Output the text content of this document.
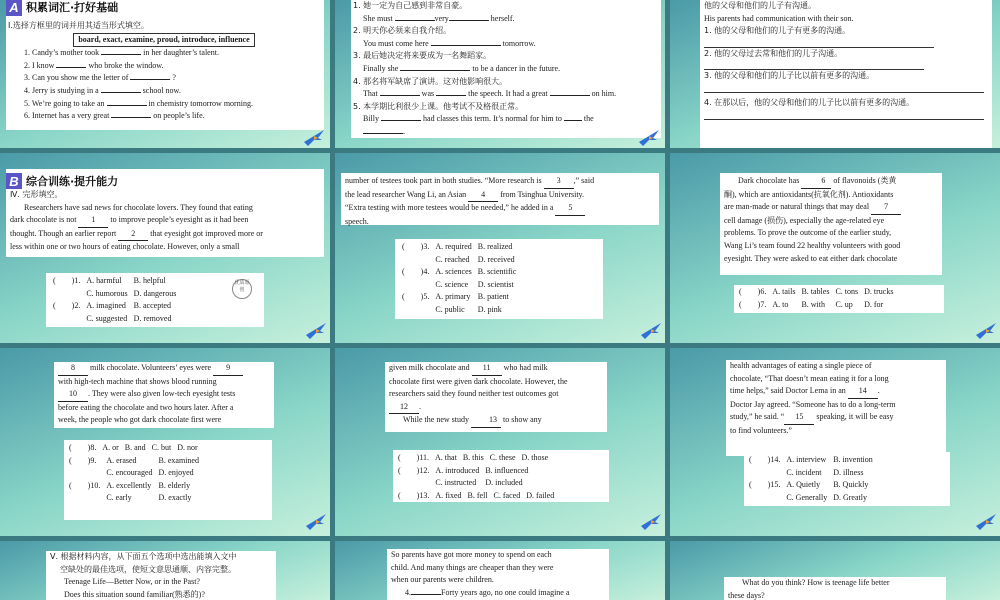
A 积累词汇·打好基础

Ⅰ.选择方框里的词并用其适当形式填空。

board, exact, examine, proud, introduce, influence

1. Candy’s mother took	in her daughter’s talent.

2. I know	who broke the window.

3. Can you show me the letter of	?

4. Jerry is studying in a	school now.

5. We’re going to take an	in chemistry tomorrow morning.

6. Internet has a very great	on people’s life.

1. 她一定为自己感到非常自豪。

She must	very	herself.

2. 明天你必须来自我介绍。

You must come here	tomorrow.

3. 最后她决定将来要成为一名舞蹈家。

Finally she	to be a dancer in the future.

4. 那名将军缺席了演讲。这对他影响很大。

That	was	the speech. It had a great	on him.

5. 本学期比利很少上课。他考试不及格很正常。

Billy	had classes this term. It’s normal for him to	the

.

他的父母和他们的儿子有沟通。

His parents had communication with their son.

1. 他的父母和他们的儿子有更多的沟通。

2. 他的父母过去常和他们的儿子沟通。

3. 他的父母和他们的儿子比以前有更多的沟通。

4. 在那以后，他的父母和他们的儿子比以前有更多的沟通。

Ⅳ. 完形填空。

Researchers have sad news for chocolate lovers. They found that eating

dark chocolate is not 1 to improve people’s eyesight as it had been

thought. Though an earlier report 2 that eyesight got improved more or

less within one or two hours of eating chocolate. However, only a small

B 综合训练·提升能力
(　　)1.	A. harmful	B. helpful
	C. humorous	D. dangerous
(　　)2.	A. imagined	B. accepted
	C. suggested	D. removed
优质原创

number of testees took part in both studies. “More research is 3 ,” said

the lead researcher Wang Li, an Asian 4 from Tsinghua University.

“Extra testing with more testees would be needed,” he added in a 5

speech.

(　　)3.	A. required	B. realized
	C. reached	D. received
(　　)4.	A. sciences	B. scientific
	C. science	D. scientist
(　　)5.	A. primary	B. patient
	C. public	D. pink

Dark chocolate has	6 of flavonoids (类黄

酮), which are antioxidants(抗氧化剂). Antioxidants

are man-made or natural things that may deal 7

cell damage (损伤), especially the age-related eye

problems. To prove the outcome of the earlier study,

Wang Li’s team found 22 healthy volunteers with good

eyesight. They were asked to eat either dark chocolate

(　　)6.	A. tails	B. tables	C. tons	D. trucks
(　　)7.	A. to	B. with	C. up	D. for

8 milk chocolate. Volunteers’ eyes were 9

with high-tech machine that shows blood running

10 . They were also given low-tech eyesight tests

before eating the chocolate and two hours later. After a

week, the people who got dark chocolate first were

(　　)8.	A. or	B. and	C. but	D. nor
(　　)9.	A. erased	B. examined
	C. encouraged	D. enjoyed
(　　)10.	A. excellently	B. elderly
	C. early	D. exactly

given milk chocolate and 11 who had milk

chocolate first were given dark chocolate. However, the

researchers said they found neither test outcomes got

12 .

While the new study	13 to show any

(　　)11.	A. that	B. this	C. these	D. those
(　　)12.	A. introduced	B. influenced
	C. instructed	D. included
(　　)13.	A. fixed	B. fell	C. faced	D. failed

health advantages of eating a single piece of

chocolate, “That doesn’t mean eating it for a long

time helps,” said Doctor Lema in an 14 .

Doctor Jay agreed. “Someone has to do a long-term

study,” he said. “ 15 speaking, it will be easy

to find volunteers.”

(　　)14.	A. interview	B. invention
	C. incident	D. illness
(　　)15.	A. Quietly	B. Quickly
	C. Generally	D. Greatly

Ⅴ. 根据材料内容，从下面五个选项中选出能填入文中

空缺处的最佳选项，使短文意思通顺、内容完整。

Teenage Life—Better Now, or in the Past?

Does this situation sound familiar(熟悉的)?

So parents have got more money to spend on each

child. And many things are cheaper than they were

when our parents were children.

4.	Forty years ago, no one could imagine a

What do you think? How is teenage life better

these days?
